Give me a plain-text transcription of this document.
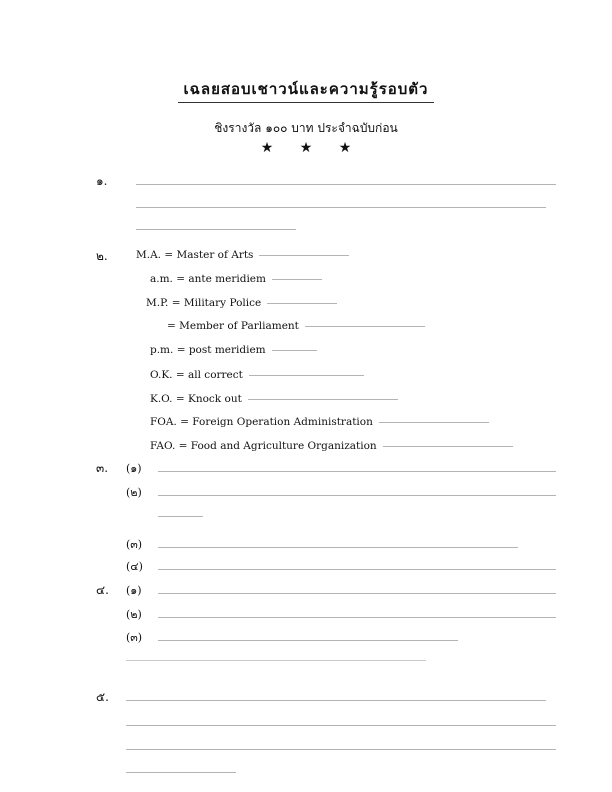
เฉลยสอบเชาวน์และความรู้รอบตัว
ชิงรางวัล ๑๐๐ บาท ประจำฉบับก่อน
★ ★ ★
๑.
๒.	M.A. = Master of Arts
a.m. = ante meridiem
M.P. = Military Police
= Member of Parliament
p.m. = post meridiem
O.K. = all correct
K.O. = Knock out
FOA. = Foreign Operation Administration
FAO. = Food and Agriculture Organization
๓. (๑)
(๒)
(๓)
(๔)
๔. (๑)
(๒)
(๓)
๕.
